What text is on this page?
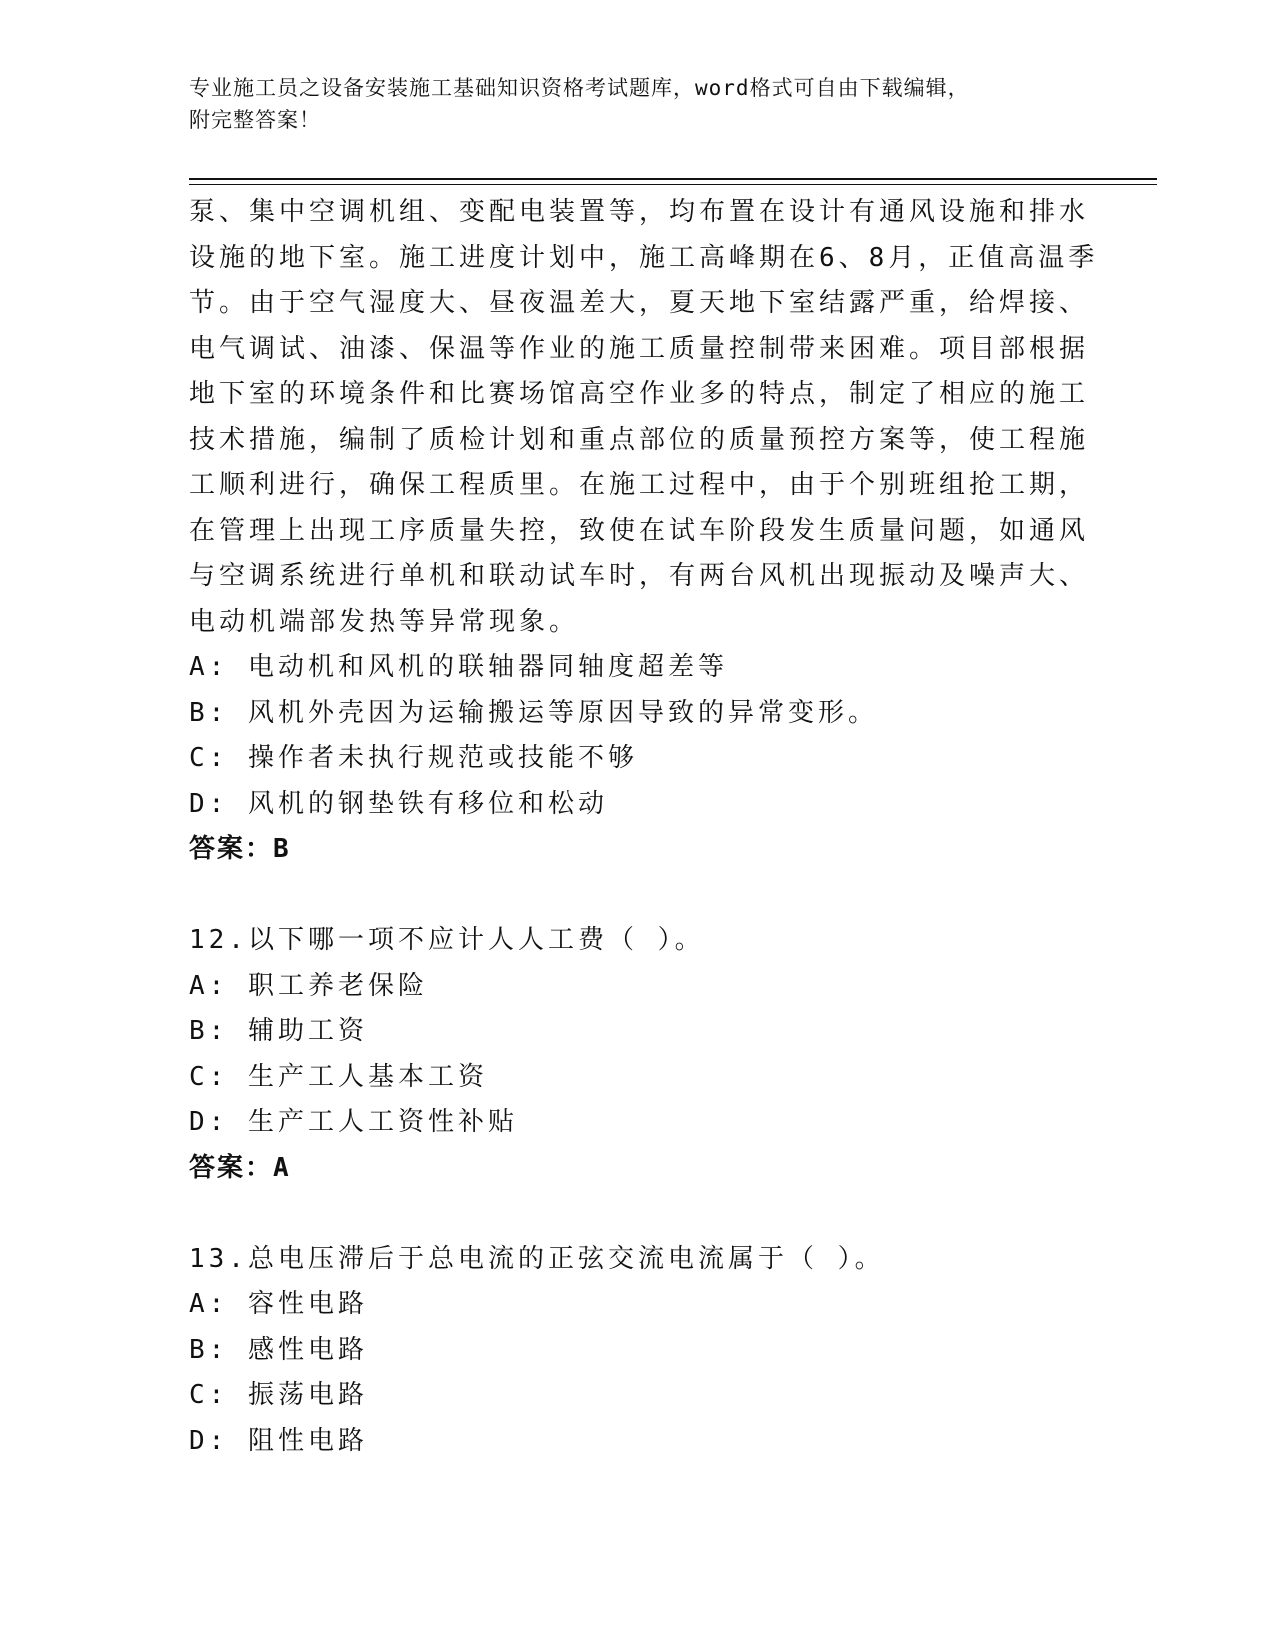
专业施工员之设备安装施工基础知识资格考试题库，word格式可自由下载编辑，
附完整答案！
泵、集中空调机组、变配电装置等，均布置在设计有通风设施和排水
设施的地下室。施工进度计划中，施工高峰期在6、8月，正值高温季
节。由于空气湿度大、昼夜温差大，夏天地下室结露严重，给焊接、
电气调试、油漆、保温等作业的施工质量控制带来困难。项目部根据
地下室的环境条件和比赛场馆高空作业多的特点，制定了相应的施工
技术措施，编制了质检计划和重点部位的质量预控方案等，使工程施
工顺利进行，确保工程质里。在施工过程中，由于个别班组抢工期，
在管理上出现工序质量失控，致使在试车阶段发生质量问题，如通风
与空调系统进行单机和联动试车时，有两台风机出现振动及噪声大、
电动机端部发热等异常现象。
A: 电动机和风机的联轴器同轴度超差等
B: 风机外壳因为运输搬运等原因导致的异常变形。
C: 操作者未执行规范或技能不够
D: 风机的钢垫铁有移位和松动
答案：B
12.以下哪一项不应计人人工费（ ）。
A: 职工养老保险
B: 辅助工资
C: 生产工人基本工资
D: 生产工人工资性补贴
答案：A
13.总电压滞后于总电流的正弦交流电流属于（ ）。
A: 容性电路
B: 感性电路
C: 振荡电路
D: 阻性电路
